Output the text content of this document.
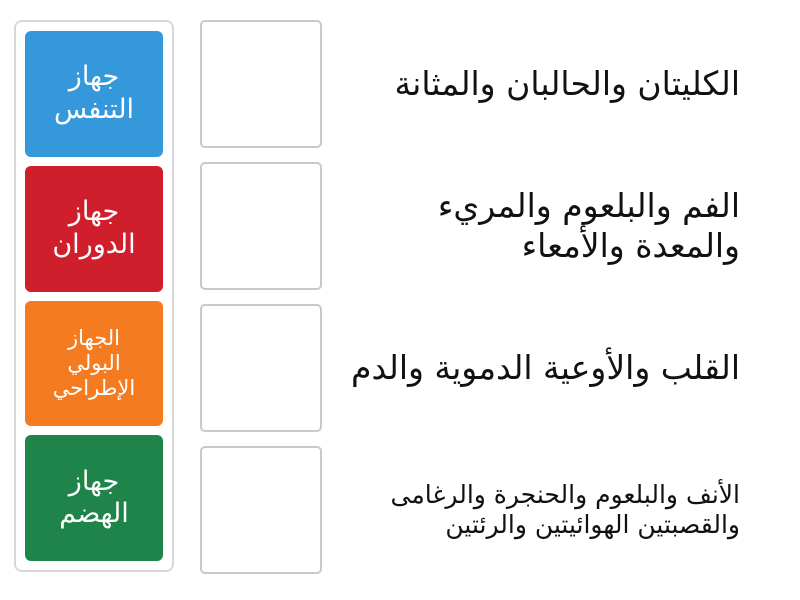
الكليتان والحالبان والمثانة
الفم والبلعوم والمريء والمعدة والأمعاء
القلب والأوعية الدموية والدم
الأنف والبلعوم والحنجرة والرغامى والقصبتين الهوائيتين والرئتين
جهاز
التنفس
جهاز
الدوران
الجهاز
البولي
الإطراحي
جهاز
الهضم
